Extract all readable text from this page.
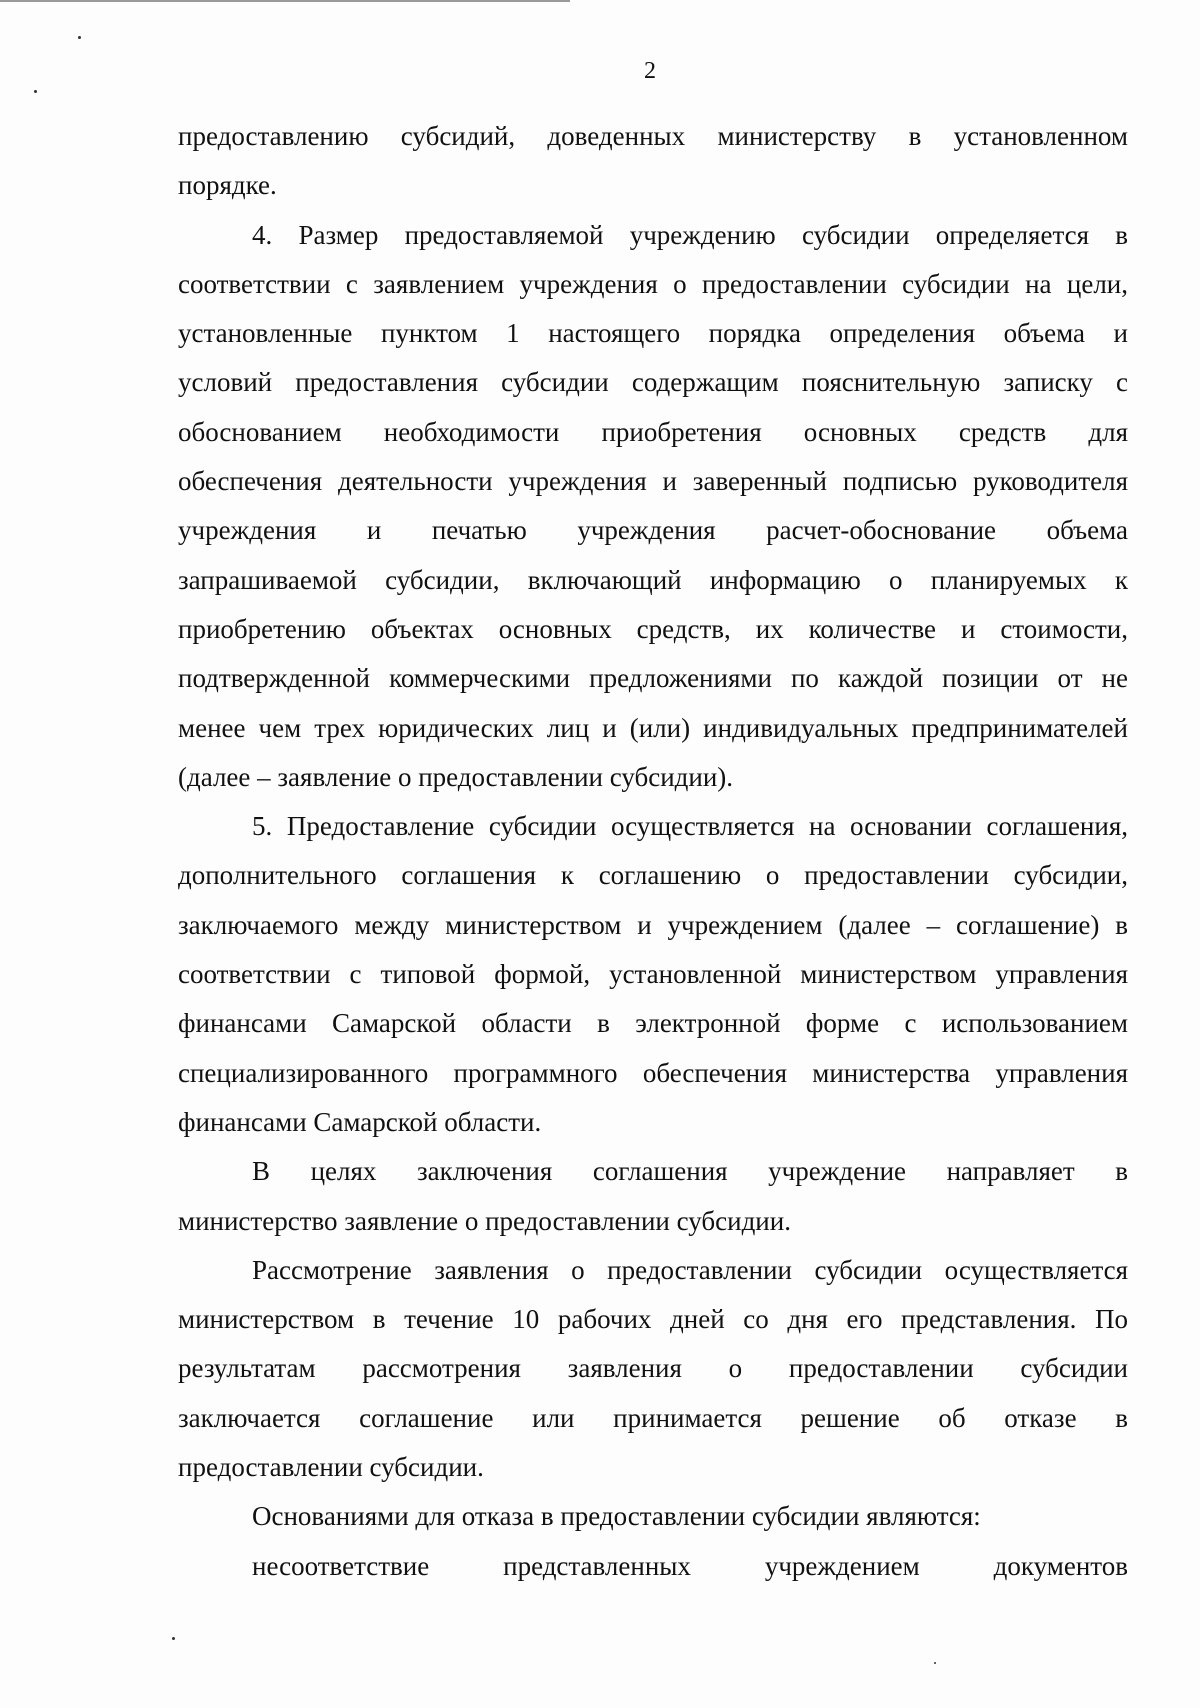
2

предоставлению субсидий, доведенных министерству в установленном
порядке.

4. Размер предоставляемой учреждению субсидии определяется в
соответствии с заявлением учреждения о предоставлении субсидии на цели,
установленные пунктом 1 настоящего порядка определения объема и
условий предоставления субсидии содержащим пояснительную записку с
обоснованием необходимости приобретения основных средств для
обеспечения деятельности учреждения и заверенный подписью руководителя
учреждения и печатью учреждения расчет-обоснование объема
запрашиваемой субсидии, включающий информацию о планируемых к
приобретению объектах основных средств, их количестве и стоимости,
подтвержденной коммерческими предложениями по каждой позиции от не
менее чем трех юридических лиц и (или) индивидуальных предпринимателей
(далее – заявление о предоставлении субсидии).

5. Предоставление субсидии осуществляется на основании соглашения,
дополнительного соглашения к соглашению о предоставлении субсидии,
заключаемого между министерством и учреждением (далее – соглашение) в
соответствии с типовой формой, установленной министерством управления
финансами Самарской области в электронной форме с использованием
специализированного программного обеспечения министерства управления
финансами Самарской области.

В целях заключения соглашения учреждение направляет в
министерство заявление о предоставлении субсидии.

Рассмотрение заявления о предоставлении субсидии осуществляется
министерством в течение 10 рабочих дней со дня его представления. По
результатам рассмотрения заявления о предоставлении субсидии
заключается соглашение или принимается решение об отказе в
предоставлении субсидии.

Основаниями для отказа в предоставлении субсидии являются:

несоответствие представленных учреждением документов
